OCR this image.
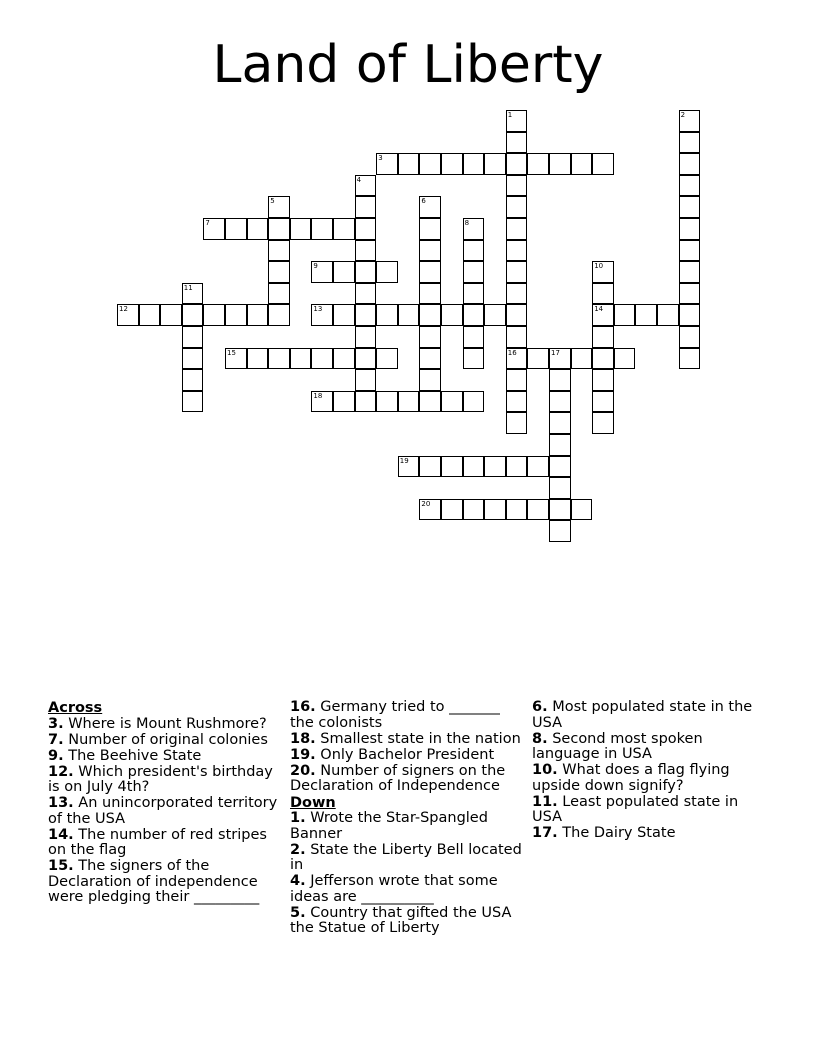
Land of Liberty
1
16
2
3
4
5	6
7	8
9	10
14
11
12	13
15	17
18
19
20
Across
3. Where is Mount Rushmore?
7. Number of original colonies
9. The Beehive State
12. Which president's birthday is on July 4th?
13. An unincorporated territory of the USA
14. The number of red stripes on the flag
15. The signers of the Declaration of independence were pledging their _________
16. Germany tried to _______ the colonists
18. Smallest state in the nation
19. Only Bachelor President
20. Number of signers on the Declaration of Independence
Down
1. Wrote the Star-Spangled Banner
2. State the Liberty Bell located in
4. Jefferson wrote that some ideas are __________
5. Country that gifted the USA the Statue of Liberty
6. Most populated state in the USA
8. Second most spoken language in USA
10. What does a flag flying upside down signify?
11. Least populated state in USA
17. The Dairy State
